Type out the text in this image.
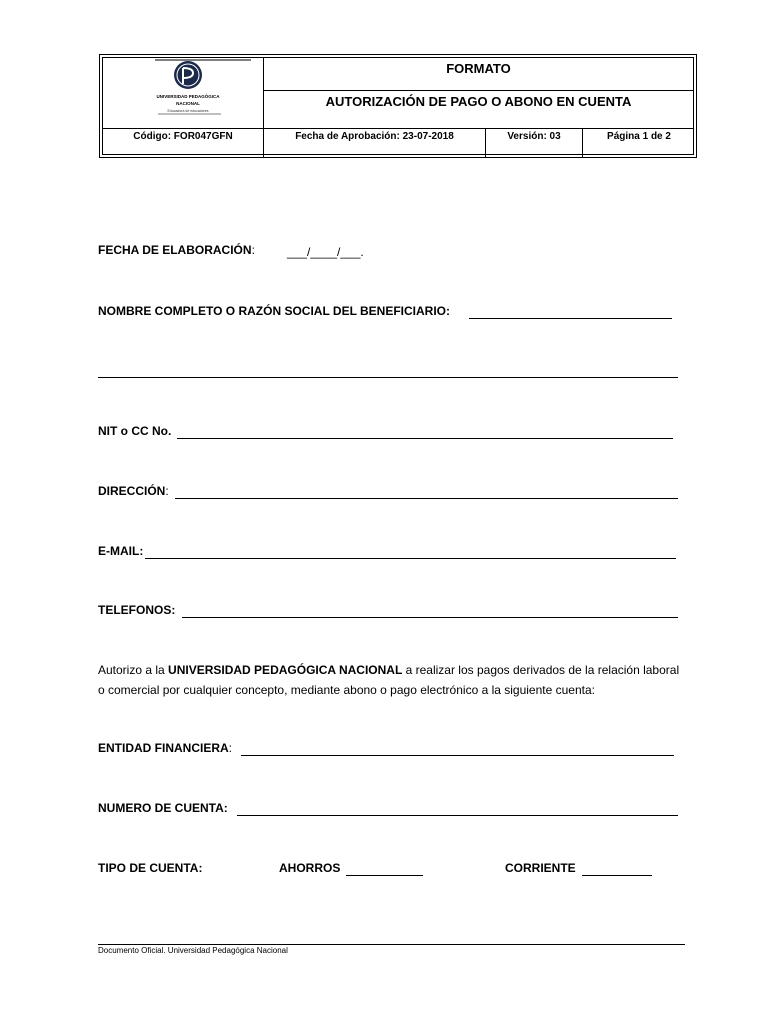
UNIVERSIDAD PEDAGÓGICA
NACIONAL
Educadora de educadores
FORMATO
AUTORIZACIÓN DE PAGO O ABONO EN CUENTA
Código: FOR047GFN	Fecha de Aprobación: 23-07-2018	Versión: 03	Página 1 de 2
FECHA DE ELABORACIÓN:	___/____/___.
NOMBRE COMPLETO O RAZÓN SOCIAL DEL BENEFICIARIO:
NIT o CC No.
DIRECCIÓN:
E-MAIL:
TELEFONOS:
Autorizo a la UNIVERSIDAD PEDAGÓGICA NACIONAL a realizar los pagos derivados de la relación laboral o comercial por cualquier concepto, mediante abono o pago electrónico a la siguiente cuenta:
ENTIDAD FINANCIERA:
NUMERO DE CUENTA:
TIPO DE CUENTA:	AHORROS	CORRIENTE
Documento Oficial. Universidad Pedagógica Nacional
